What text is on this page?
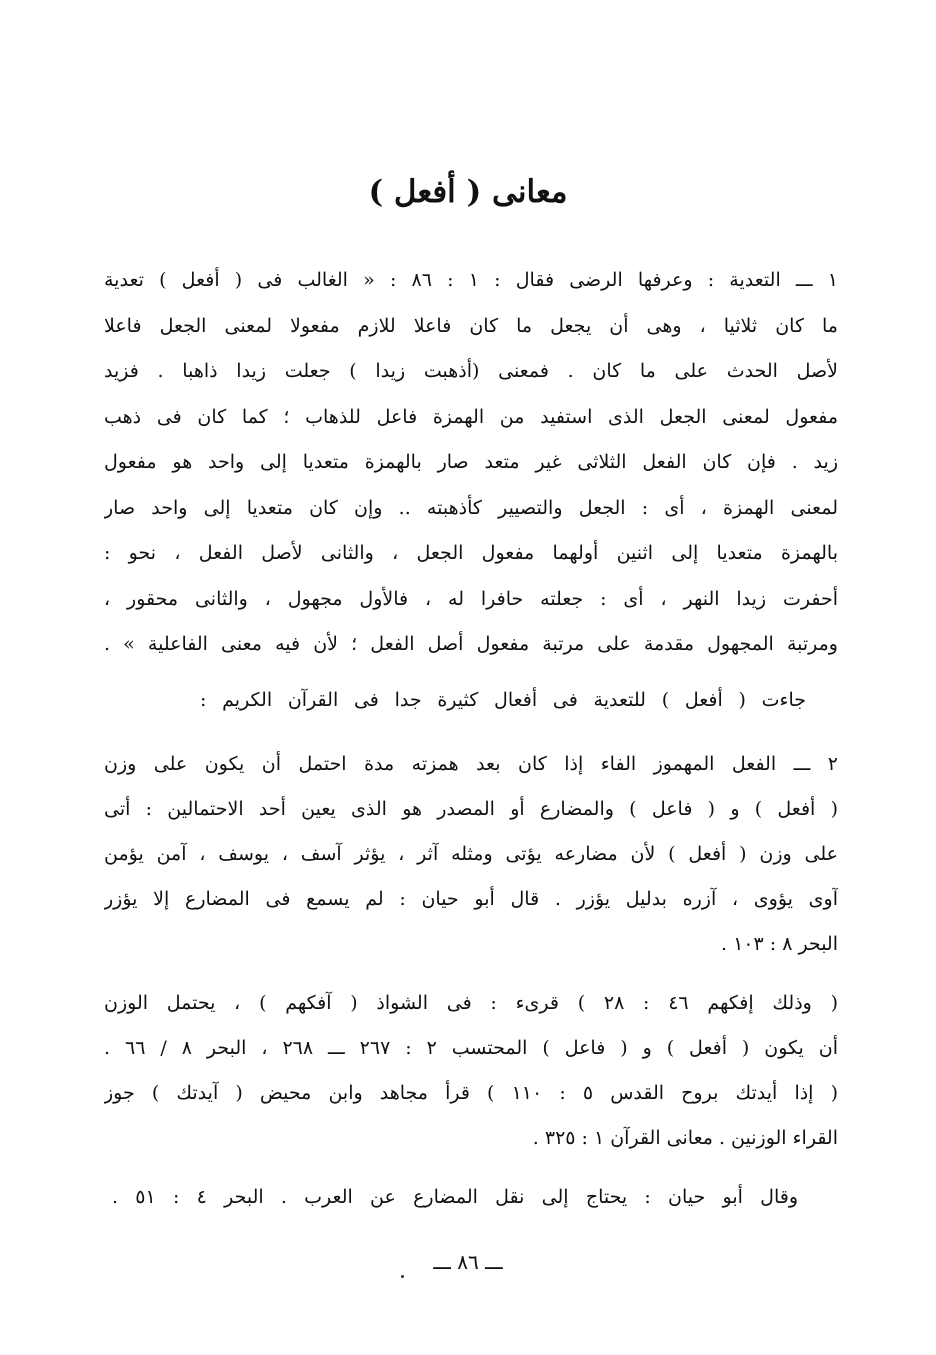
معانى ( أفعل )
١ ـــ التعدية : وعرفها الرضى فقال : ١ : ٨٦ : « الغالب فى ( أفعل ) تعدية
ما كان ثلاثيا ، وهى أن يجعل ما كان فاعلا للازم مفعولا لمعنى الجعل فاعلا
لأصل الحدث على ما كان . فمعنى (أذهبت زيدا ) جعلت زيدا ذاهبا . فزيد
مفعول لمعنى الجعل الذى استفيد من الهمزة فاعل للذهاب ؛ كما كان فى ذهب
زيد . فإن كان الفعل الثلاثى غير متعد صار بالهمزة متعديا إلى واحد هو مفعول
لمعنى الهمزة ، أى : الجعل والتصيير كأذهبته .. وإن كان متعديا إلى واحد صار
بالهمزة متعديا إلى اثنين أولهما مفعول الجعل ، والثانى لأصل الفعل ، نحو :
أحفرت زيدا النهر ، أى : جعلته حافرا له ، فالأول مجهول ، والثانى محقور ،
ومرتبة المجهول مقدمة على مرتبة مفعول أصل الفعل ؛ لأن فيه معنى الفاعلية » .
جاءت ( أفعل ) للتعدية فى أفعال كثيرة جدا فى القرآن الكريم :
٢ ـــ الفعل المهموز الفاء إذا كان بعد همزته مدة احتمل أن يكون على وزن
( أفعل ) و ( فاعل ) والمضارع أو المصدر هو الذى يعين أحد الاحتمالين : أتى
على وزن ( أفعل ) لأن مضارعه يؤتى ومثله آثر ، يؤثر آسف ، يوسف ، آمن يؤمن
آوى يؤوى ، آزره بدليل يؤزر . قال أبو حيان : لم يسمع فى المضارع إلا يؤزر
البحر ٨ : ١٠٣ .
( وذلك إفكهم ٤٦ : ٢٨ ) قرىء : فى الشواذ ( آفكهم ) ، يحتمل الوزن
أن يكون ( أفعل ) و ( فاعل ) المحتسب ٢ : ٢٦٧ ـــ ٢٦٨ ، البحر ٨ / ٦٦ .
( إذا أيدتك بروح القدس ٥ : ١١٠ ) قرأ مجاهد وابن محيض ( آيدتك ) جوز
القراء الوزنين . معانى القرآن ١ : ٣٢٥ .
وقال أبو حيان : يحتاج إلى نقل المضارع عن العرب . البحر ٤ : ٥١ .
ـــ ٨٦ ـــ
